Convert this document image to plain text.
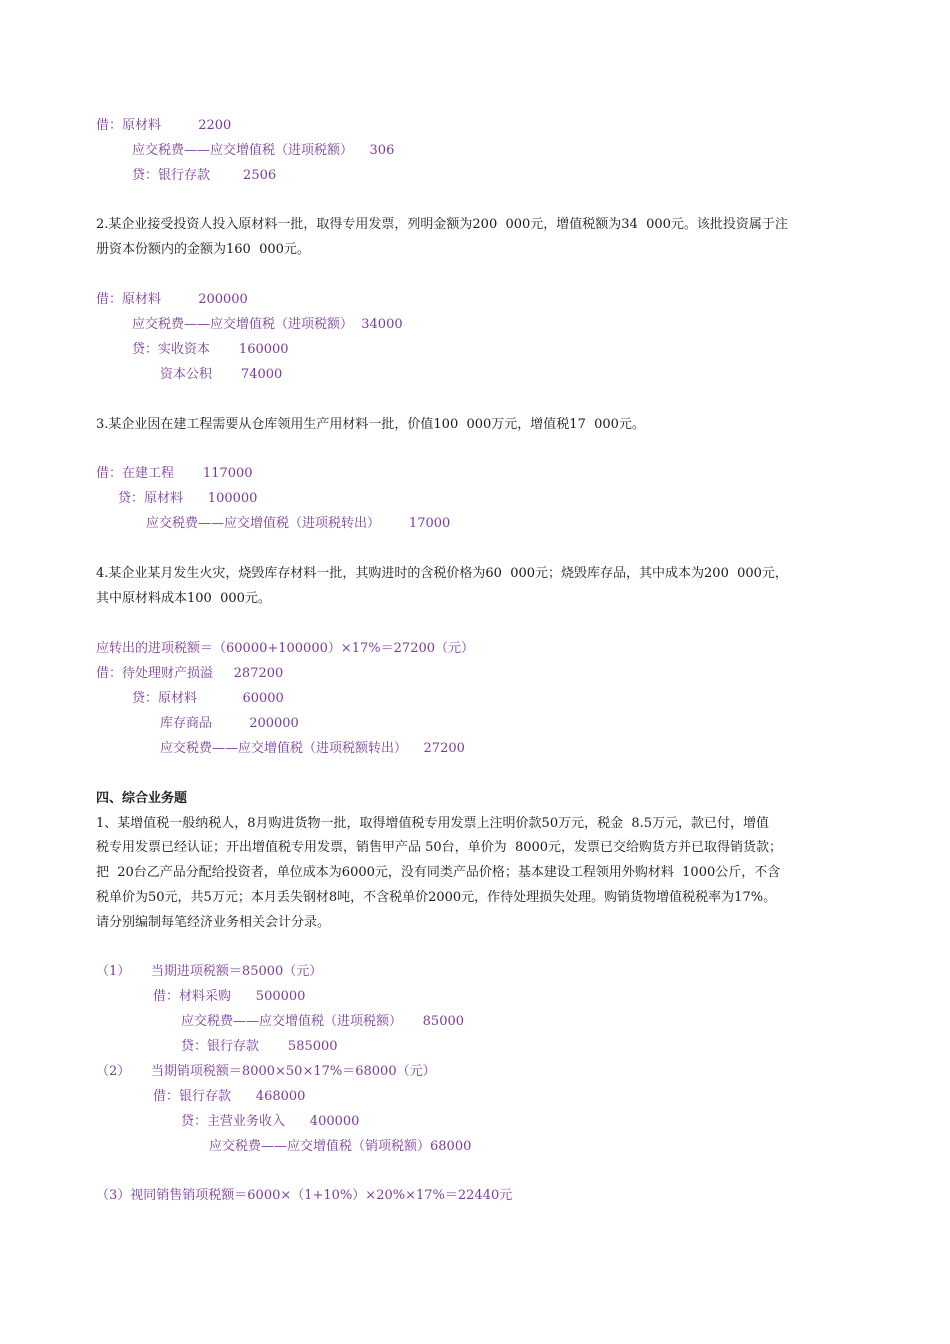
借：原材料         2200
应交税费——应交增值税（进项税额）    306
贷：银行存款        2506
2.某企业接受投资人投入原材料一批，取得专用发票，列明金额为200  000元，增值税额为34  000元。该批投资属于注
册资本份额内的金额为160  000元。
借：原材料         200000
应交税费——应交增值税（进项税额）  34000
贷：实收资本       160000
资本公积       74000
3.某企业因在建工程需要从仓库领用生产用材料一批，价值100  000万元，增值税17  000元。
借：在建工程       117000
贷：原材料      100000
应交税费——应交增值税（进项税转出）       17000
4.某企业某月发生火灾，烧毁库存材料一批，其购进时的含税价格为60  000元；烧毁库存品，其中成本为200  000元，
其中原材料成本100  000元。
应转出的进项税额＝（60000+100000）×17%＝27200（元）
借：待处理财产损溢     287200
贷：原材料           60000
库存商品         200000
应交税费——应交增值税（进项税额转出）    27200
四、综合业务题
1、某增值税一般纳税人，8月购进货物一批，取得增值税专用发票上注明价款50万元，税金  8.5万元，款已付，增值
税专用发票已经认证；开出增值税专用发票，销售甲产品 50台，单价为  8000元，发票已交给购货方并已取得销货款；
把  20台乙产品分配给投资者，单位成本为6000元，没有同类产品价格；基本建设工程领用外购材料  1000公斤，不含
税单价为50元，共5万元；本月丢失钢材8吨，不含税单价2000元，作待处理损失处理。购销货物增值税税率为17%。
请分别编制每笔经济业务相关会计分录。
（1）     当期进项税额＝85000（元）
借：材料采购      500000
应交税费——应交增值税（进项税额）     85000
贷：银行存款       585000
（2）     当期销项税额＝8000×50×17%＝68000（元）
借：银行存款      468000
贷：主营业务收入      400000
应交税费——应交增值税（销项税额）68000
（3）视同销售销项税额＝6000×（1+10%）×20%×17%＝22440元
